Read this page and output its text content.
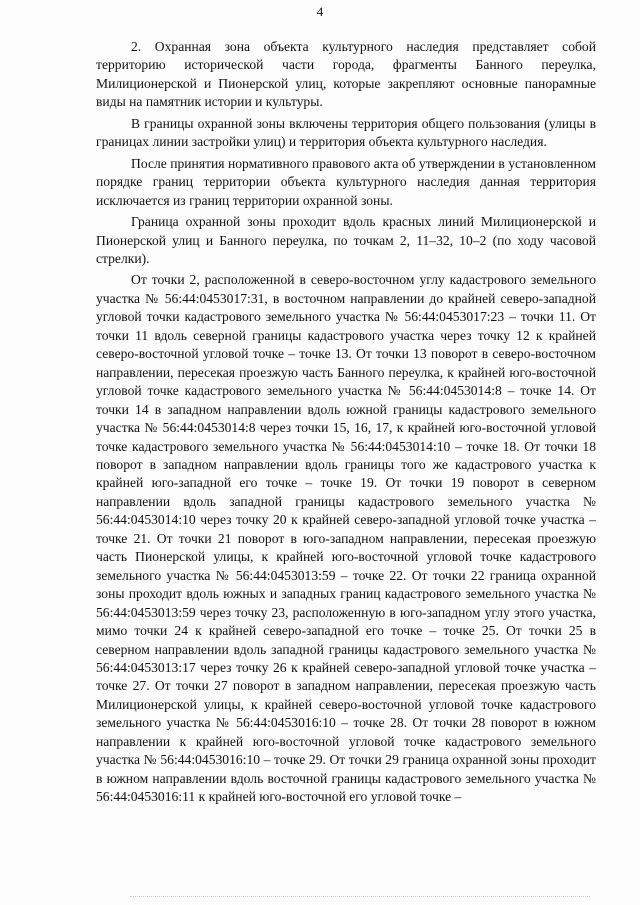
4

2. Охранная зона объекта культурного наследия представляет собой территорию исторической части города, фрагменты Банного переулка, Милиционерской и Пионерской улиц, которые закрепляют основные панорамные виды на памятник истории и культуры.

В границы охранной зоны включены территория общего пользования (улицы в границах линии застройки улиц) и территория объекта культурного наследия.

После принятия нормативного правового акта об утверждении в установленном порядке границ территории объекта культурного наследия данная территория исключается из границ территории охранной зоны.

Граница охранной зоны проходит вдоль красных линий Милиционерской и Пионерской улиц и Банного переулка, по точкам 2, 11–32, 10–2 (по ходу часовой стрелки).

От точки 2, расположенной в северо-восточном углу кадастрового земельного участка № 56:44:0453017:31, в восточном направлении до крайней северо-западной угловой точки кадастрового земельного участка № 56:44:0453017:23 – точки 11. От точки 11 вдоль северной границы кадастрового участка через точку 12 к крайней северо-восточной угловой точке – точке 13. От точки 13 поворот в северо-восточном направлении, пересекая проезжую часть Банного переулка, к крайней юго-восточной угловой точке кадастрового земельного участка № 56:44:0453014:8 – точке 14. От точки 14 в западном направлении вдоль южной границы кадастрового земельного участка № 56:44:0453014:8 через точки 15, 16, 17, к крайней юго-восточной угловой точке кадастрового земельного участка № 56:44:0453014:10 – точке 18. От точки 18 поворот в западном направлении вдоль границы того же кадастрового участка к крайней юго-западной его точке – точке 19. От точки 19 поворот в северном направлении вдоль западной границы кадастрового земельного участка № 56:44:0453014:10 через точку 20 к крайней северо-западной угловой точке участка – точке 21. От точки 21 поворот в юго-западном направлении, пересекая проезжую часть Пионерской улицы, к крайней юго-восточной угловой точке кадастрового земельного участка № 56:44:0453013:59 – точке 22. От точки 22 граница охранной зоны проходит вдоль южных и западных границ кадастрового земельного участка № 56:44:0453013:59 через точку 23, расположенную в юго-западном углу этого участка, мимо точки 24 к крайней северо-западной его точке – точке 25. От точки 25 в северном направлении вдоль западной границы кадастрового земельного участка № 56:44:0453013:17 через точку 26 к крайней северо-западной угловой точке участка – точке 27. От точки 27 поворот в западном направлении, пересекая проезжую часть Милиционерской улицы, к крайней северо-восточной угловой точке кадастрового земельного участка № 56:44:0453016:10 – точке 28. От точки 28 поворот в южном направлении к крайней юго-восточной угловой точке кадастрового земельного участка № 56:44:0453016:10 – точке 29. От точки 29 граница охранной зоны проходит в южном направлении вдоль восточной границы кадастрового земельного участка № 56:44:0453016:11 к крайней юго-восточной его угловой точке –
